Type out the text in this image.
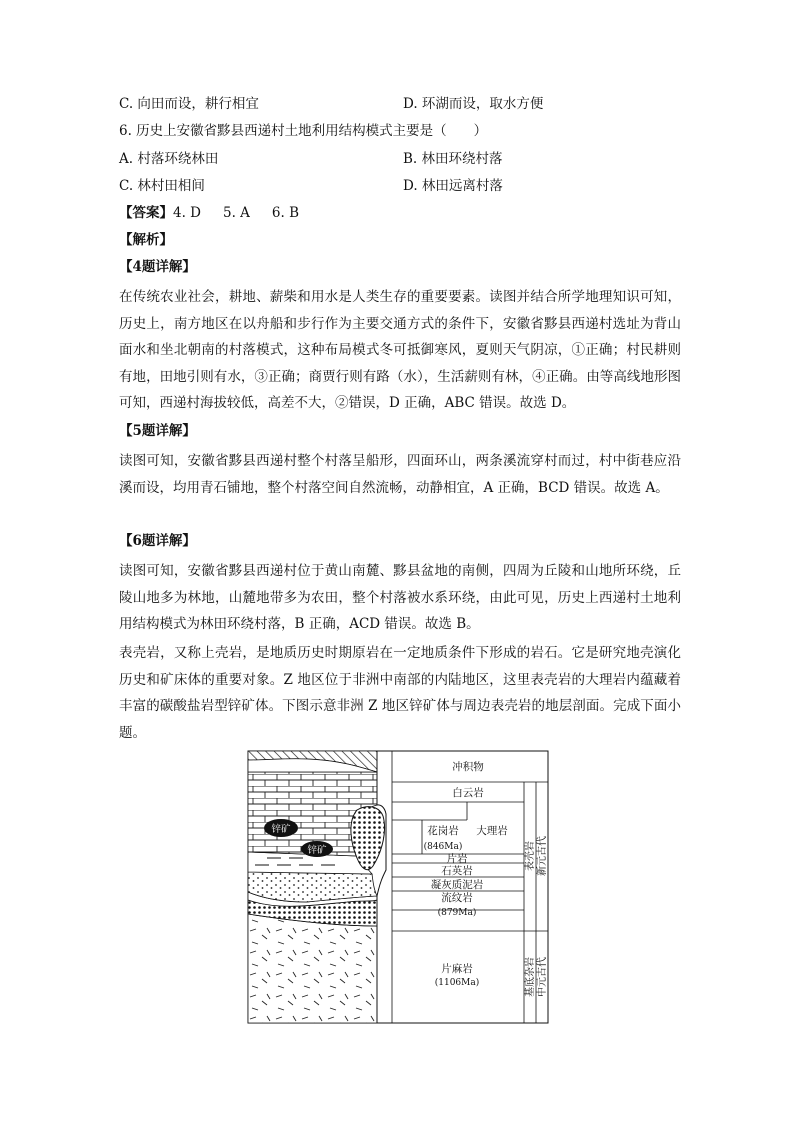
C. 向田而设，耕行相宜	D. 环湖而设，取水方便
6. 历史上安徽省黟县西递村土地利用结构模式主要是（　　）
A. 村落环绕林田	B. 林田环绕村落
C. 林村田相间	D. 林田远离村落
【答案】4. D 5. A 6. B
【解析】
【4题详解】
在传统农业社会，耕地、薪柴和用水是人类生存的重要要素。读图并结合所学地理知识可知，历史上，南方地区在以舟船和步行作为主要交通方式的条件下，安徽省黟县西递村选址为背山面水和坐北朝南的村落模式，这种布局模式冬可抵御寒风，夏则天气阴凉，①正确；村民耕则有地，田地引则有水，③正确；商贾行则有路（水），生活薪则有林，④正确。由等高线地形图可知，西递村海拔较低，高差不大，②错误，D 正确，ABC 错误。故选 D。
【5题详解】
读图可知，安徽省黟县西递村整个村落呈船形，四面环山，两条溪流穿村而过，村中街巷应沿溪而设，均用青石铺地，整个村落空间自然流畅，动静相宜，A 正确，BCD 错误。故选 A。
【6题详解】
读图可知，安徽省黟县西递村位于黄山南麓、黟县盆地的南侧，四周为丘陵和山地所环绕，丘陵山地多为林地，山麓地带多为农田，整个村落被水系环绕，由此可见，历史上西递村土地利用结构模式为林田环绕村落，B 正确，ACD 错误。故选 B。
表壳岩，又称上壳岩，是地质历史时期原岩在一定地质条件下形成的岩石。它是研究地壳演化历史和矿床体的重要对象。Z 地区位于非洲中南部的内陆地区，这里表壳岩的大理岩内蕴藏着丰富的碳酸盐岩型锌矿体。下图示意非洲 Z 地区锌矿体与周边表壳岩的地层剖面。完成下面小题。
锌矿
锌矿
冲积物
白云岩
花岗岩
(846Ma)
大理岩
片岩
石英岩
凝灰质泥岩
流纹岩
(879Ma)
片麻岩
(1106Ma)
表壳岩 新元古代
基底杂岩 中元古代
